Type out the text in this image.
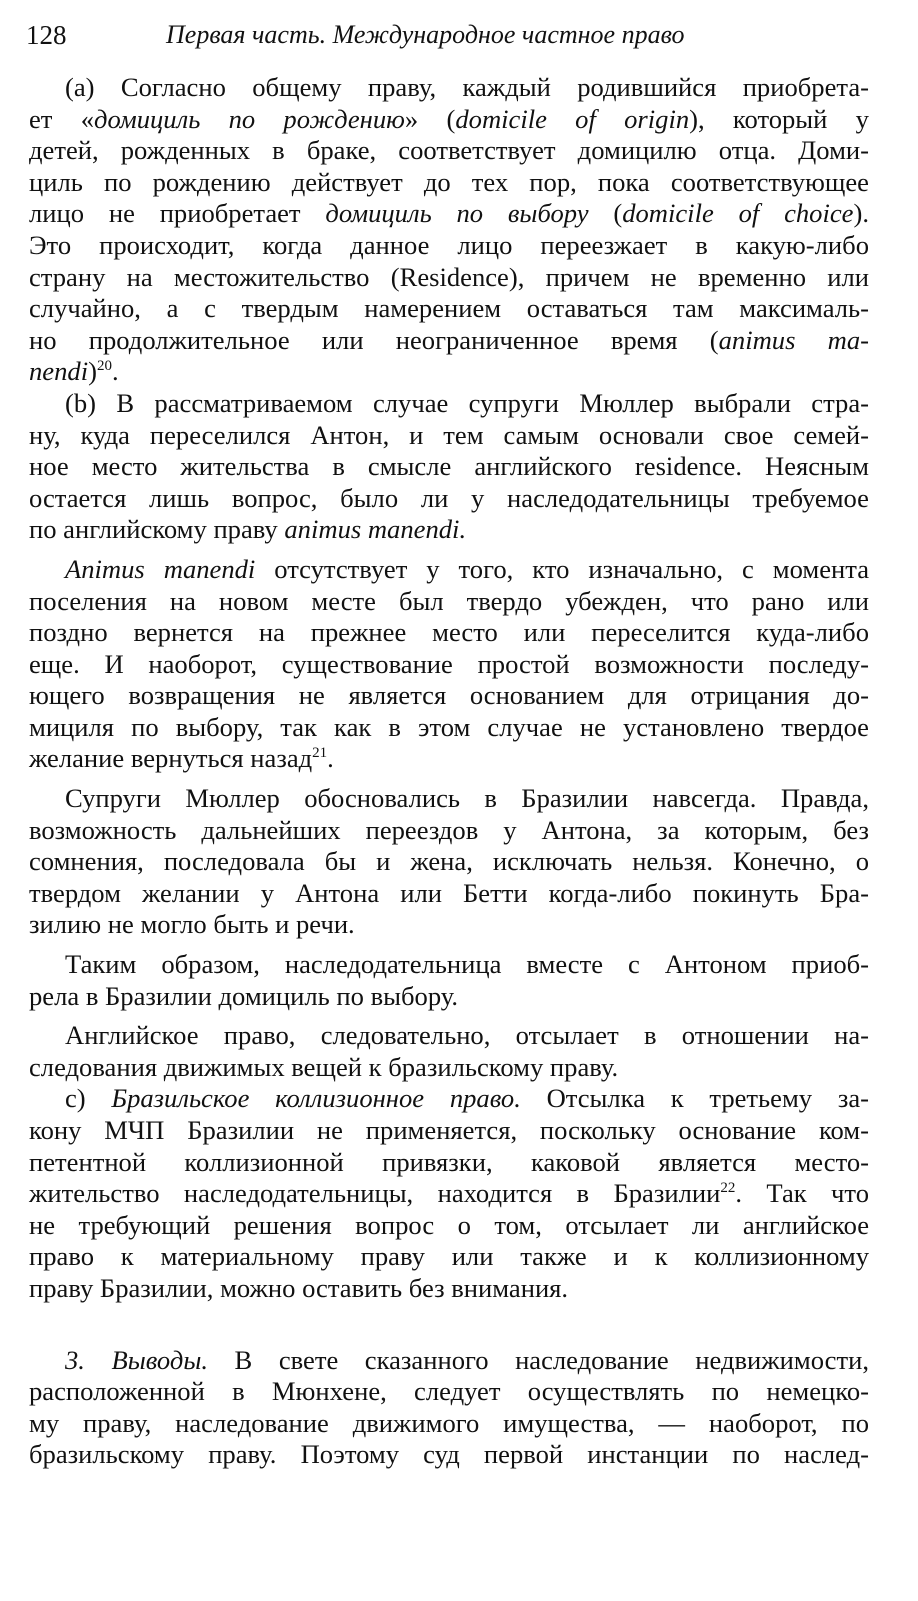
128	Первая часть. Международное частное право
(а) Согласно общему праву, каждый родившийся приобрета-
ет «домициль по рождению» (domicile of origin), который у
детей, рожденных в браке, соответствует домицилю отца. Доми-
циль по рождению действует до тех пор, пока соответствующее
лицо не приобретает домициль по выбору (domicile of choice).
Это происходит, когда данное лицо переезжает в какую-либо
страну на местожительство (Residence), причем не временно или
случайно, а с твердым намерением оставаться там максималь-
но продолжительное или неограниченное время (animus ma-
nendi)$^{20}$.
(b) В рассматриваемом случае супруги Мюллер выбрали стра-
ну, куда переселился Антон, и тем самым основали свое семей-
ное место жительства в смысле английского residence. Неясным
остается лишь вопрос, было ли у наследодательницы требуемое
по английскому праву animus manendi.
Animus manendi отсутствует у того, кто изначально, с момента
поселения на новом месте был твердо убежден, что рано или
поздно вернется на прежнее место или переселится куда-либо
еще. И наоборот, существование простой возможности последу-
ющего возвращения не является основанием для отрицания до-
мициля по выбору, так как в этом случае не установлено твердое
желание вернуться назад$^{21}$.
Супруги Мюллер обосновались в Бразилии навсегда. Правда,
возможность дальнейших переездов у Антона, за которым, без
сомнения, последовала бы и жена, исключать нельзя. Конечно, о
твердом желании у Антона или Бетти когда-либо покинуть Бра-
зилию не могло быть и речи.
Таким образом, наследодательница вместе с Антоном приоб-
рела в Бразилии домициль по выбору.
Английское право, следовательно, отсылает в отношении на-
следования движимых вещей к бразильскому праву.
c) Бразильское коллизионное право. Отсылка к третьему за-
кону МЧП Бразилии не применяется, поскольку основание ком-
петентной коллизионной привязки, каковой является место-
жительство наследодательницы, находится в Бразилии$^{22}$. Так что
не требующий решения вопрос о том, отсылает ли английское
право к материальному праву или также и к коллизионному
праву Бразилии, можно оставить без внимания.
3. Выводы. В свете сказанного наследование недвижимости,
расположенной в Мюнхене, следует осуществлять по немецко-
му праву, наследование движимого имущества, — наоборот, по
бразильскому праву. Поэтому суд первой инстанции по наслед-
